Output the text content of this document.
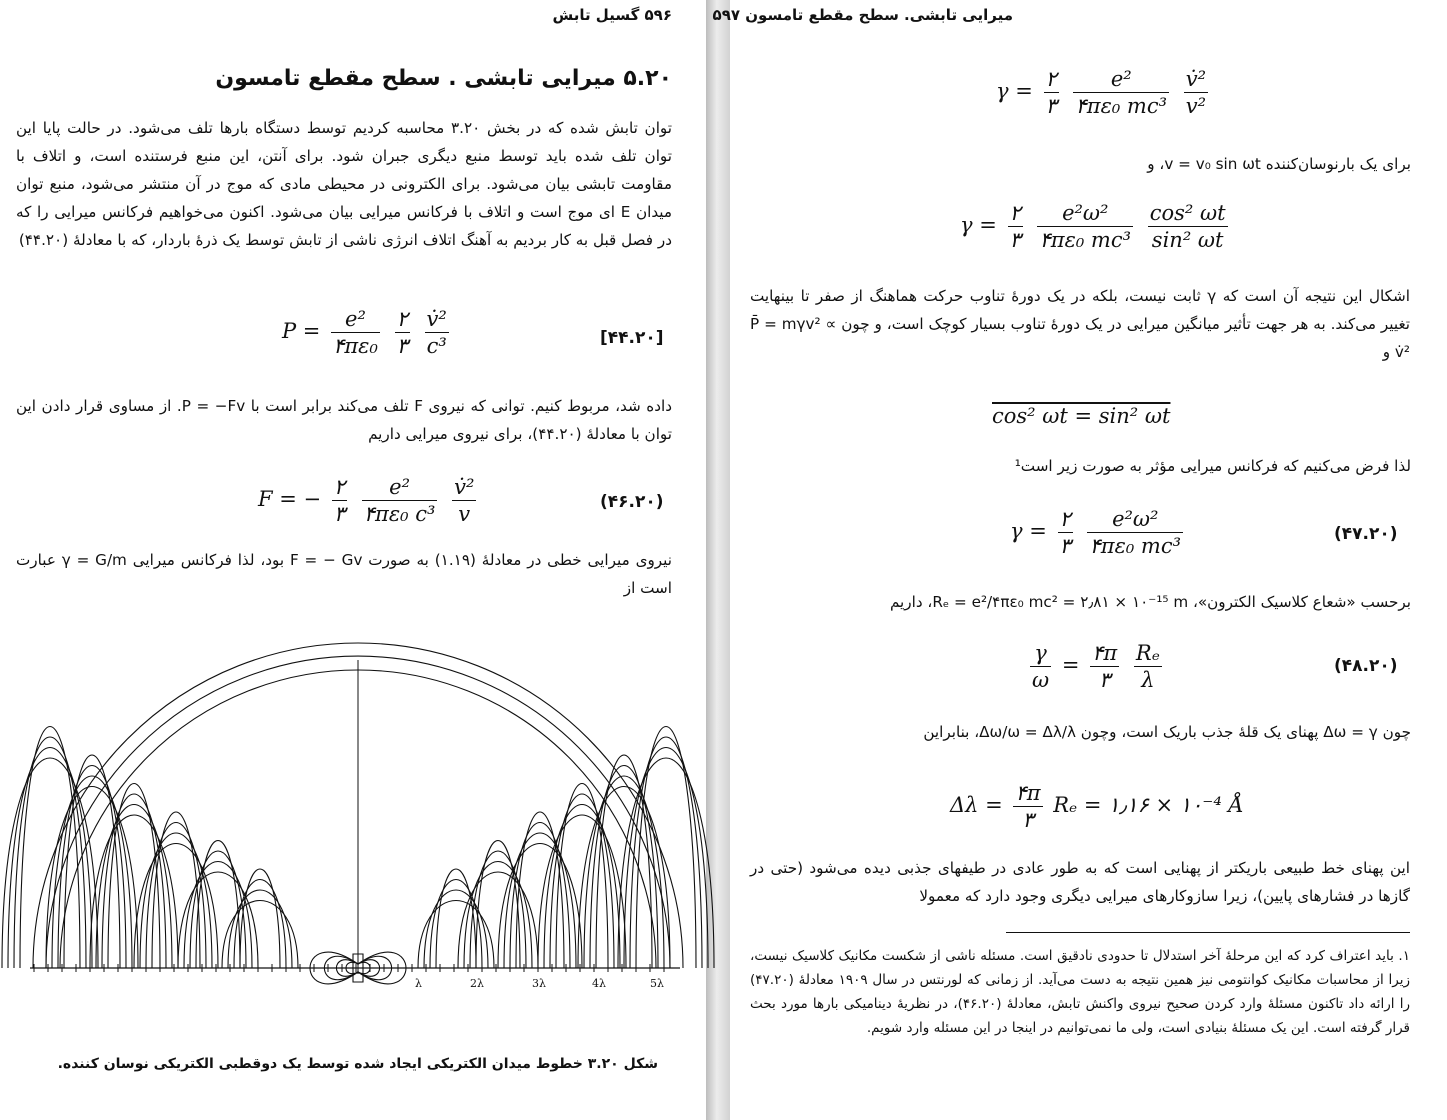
۵۹۶ گسیل تابش
۵.۲۰ میرایی تابشی . سطح مقطع تامسون
توان تابش شده که در بخش ۳.۲۰ محاسبه کردیم توسط دستگاه بارها تلف می‌شود. در حالت پایا این توان تلف شده باید توسط منبع دیگری جبران شود. برای آنتن، این منبع فرستنده است، و اتلاف با مقاومت تابشی بیان می‌شود. برای الکترونی در محیطی مادی که موج در آن منتشر می‌شود، منبع توان میدان E ای موج است و اتلاف با فرکانس میرایی بیان می‌شود. اکنون می‌خواهیم فرکانس میرایی را که در فصل قبل به کار بردیم به آهنگ اتلاف انرژی ناشی از تابش توسط یک ذرهٔ باردار، که با معادلهٔ (۴۴.۲۰)
$P = \frac{\text{e²}}{\text{۴πε₀}}$
$\frac{۲}{۳}$
$\frac{\text{v̇²}}{\text{c³}}$	[۴۴.۲۰]
داده شد، مربوط کنیم. توانی که نیروی F تلف می‌کند برابر است با P = −Fv. از مساوی قرار دادن این توان با معادلهٔ (۴۴.۲۰)، برای نیروی میرایی داریم
F = − $\frac{۲}{۳}$
$\frac{\text{e²}}{\text{۴πε₀ c³}}$
$\frac{\text{v̇²}}{v}$	(۴۶.۲۰)
نیروی میرایی خطی در معادلهٔ (۱.۱۹) به صورت F = − Gv بود، لذا فرکانس میرایی γ = G/m عبارت است از
λ	2λ	3λ	4λ	5λ
شکل ۳.۲۰ خطوط میدان الکتریکی ایجاد شده توسط یک دوقطبی الکتریکی نوسان کننده.
میرایی تابشی. سطح مقطع تامسون ۵۹۷
$\gamma = \frac{۲}{۳}$
$\frac{\text{e²}}{\text{۴πε₀ mc³}}$
$\frac{\text{v̇²}}{\text{v²}}$
برای یک بارنوسان‌کننده v = v₀ sin ωt، و
$\gamma = \frac{۲}{۳}$
$\frac{\text{e²ω²}}{\text{۴πε₀ mc³}}$
$\frac{\text{cos² ωt}}{\text{sin² ωt}}$
اشکال این نتیجه آن است که γ ثابت نیست، بلکه در یک دورهٔ تناوب حرکت هماهنگ از صفر تا بینهایت تغییر می‌کند. به هر جهت تأثیر میانگین میرایی در یک دورهٔ تناوب بسیار کوچک است، و چون P̄ = mγv² ∝ v̇² و
cos² ωt = sin² ωt
لذا فرض می‌کنیم که فرکانس میرایی مؤثر به صورت زیر است¹
$\gamma = \frac{۲}{۳}$
$\frac{\text{e²ω²}}{\text{۴πε₀ mc³}}$	(۴۷.۲۰)
برحسب «شعاع کلاسیک الکترون»، Rₑ = e²/۴πε₀ mc² = ۲٫۸۱ × ۱۰⁻¹⁵ m، داریم
$\frac{\gamma}{\omega} = \frac{۴\pi}{۳}$
$\frac{\text{Rₑ}}{\lambda}$	(۴۸.۲۰)
چون Δω = γ پهنای یک قلهٔ جذب باریک است، وچون Δω/ω = Δλ/λ، بنابراین
$\Delta\lambda = \frac{۴\pi}{۳}$ Rₑ = ۱٫۱۶ × ۱۰⁻⁴ Å
این پهنای خط طبیعی باریکتر از پهنایی است که به طور عادی در طیفهای جذبی دیده می‌شود (حتی در گازها در فشارهای پایین)، زیرا سازوکارهای میرایی دیگری وجود دارد که معمولا
۱. باید اعتراف کرد که این مرحلهٔ آخر استدلال تا حدودی نادقیق است. مسئله ناشی از شکست مکانیک کلاسیک نیست، زیرا از محاسبات مکانیک کوانتومی نیز همین نتیجه به دست می‌آید. از زمانی که لورنتس در سال ۱۹۰۹ معادلهٔ (۴۷.۲۰) را ارائه داد تاکنون مسئلهٔ وارد کردن صحیح نیروی واکنش تابش، معادلهٔ (۴۶.۲۰)، در نظریهٔ دینامیکی بارها مورد بحث قرار گرفته است. این یک مسئلهٔ بنیادی است، ولی ما نمی‌توانیم در اینجا در این مسئله وارد شویم.
